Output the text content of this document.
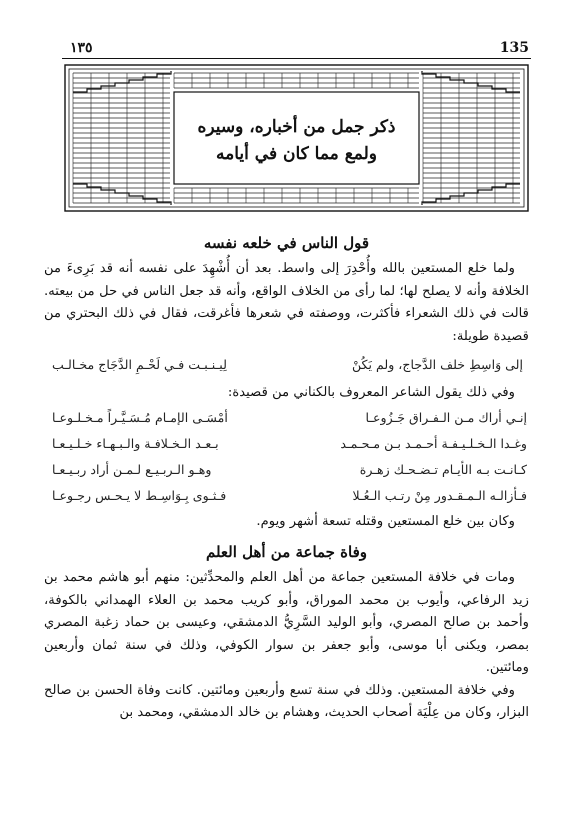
١٣٥	135
ذكر جمل من أخباره، وسيره
ولمع مما كان في أيامه
قول الناس في خلعه نفسه

ولما خلع المستعين بالله وأُحْدِرَ إلى واسط. بعد أن أُشْهِدَ على نفسه أنه قد بَرِىءَ من الخلافة وأنه لا يصلح لها؛ لما رأى من الخلاف الواقع، وأنه قد جعل الناس في حل من بيعته. قالت في ذلك الشعراء فأكثرت، ووصفته في شعرها فأغرقت، فقال في ذلك البحتري من قصيدة طويلة:

إلى وَاسِطِ خلف الدَّجاج، ولم يَكُنْ
لِيـنـبـت فـي لَحْـمِ الدَّجَاج مخـالـب

وفي ذلك يقول الشاعر المعروف بالكناني من قصيدة:

إنـي أراك مـن الـفـراق جَـزُوعـا
أمْسَـى الإمـام مُـسَـيَّـراً مـخـلـوعـا
وغـدا الـخـلـيـفـة أحـمـد بـن مـحـمـد
بـعـد الـخـلافـة والـبـهـاء خـلـيـعـا
كـانـت بـه الأيـام تـضـحـك زهـرة
وهـو الـربـيـع لـمـن أراد ربـيـعـا
فـأزالـه الـمـقـدور مِنْ رتـب الـعُـلا
فـثـوى بِـوَاسِـط لا يـحـس رجـوعـا

وكان بين خلع المستعين وقتله تسعة أشهر ويوم.

وفاة جماعة من أهل العلم

ومات في خلافة المستعين جماعة من أهل العلم والمحدِّثين: منهم أبو هاشم محمد بن زيد الرفاعي، وأيوب بن محمد الموراق، وأبو كريب محمد بن العلاء الهمداني بالكوفة، وأحمد بن صالح المصري، وأبو الوليد السَّرِيُّ الدمشقي، وعيسى بن حماد زغبة المصري بمصر، ويكنى أبا موسى، وأبو جعفر بن سوار الكوفي، وذلك في سنة ثمان وأربعين ومائتين.

وفي خلافة المستعين. وذلك في سنة تسع وأربعين ومائتين. كانت وفاة الحسن بن صالح البزار، وكان من عِلْيَة أصحاب الحديث، وهشام بن خالد الدمشقي، ومحمد بن
